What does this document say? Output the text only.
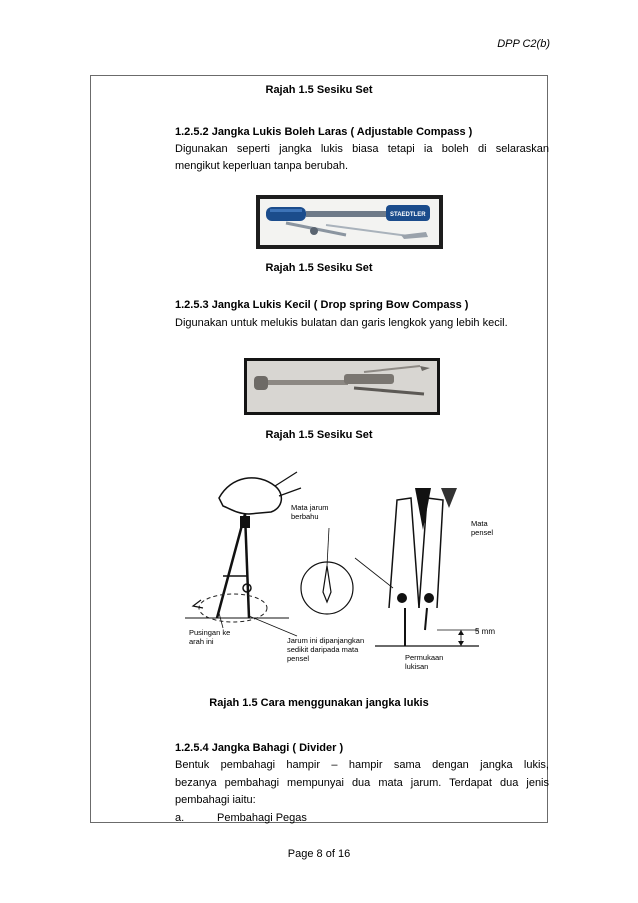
DPP C2(b)
Rajah 1.5 Sesiku Set
1.2.5.2 Jangka Lukis Boleh Laras ( Adjustable Compass )
Digunakan seperti jangka lukis biasa tetapi ia boleh di selaraskan
mengikut keperluan tanpa berubah.
STAEDTLER
Rajah 1.5 Sesiku Set
1.2.5.3 Jangka Lukis Kecil ( Drop spring Bow Compass )
Digunakan untuk melukis bulatan dan garis lengkok yang lebih kecil.
Rajah 1.5 Sesiku Set
Mata jarum
berbahu
Mata
pensel
5 mm
Pusingan ke
arah ini	Jarum ini dipanjangkan
sedikit daripada mata
pensel	Permukaan
lukisan
Rajah 1.5 Cara menggunakan jangka lukis
1.2.5.4 Jangka Bahagi ( Divider )
Bentuk pembahagi hampir – hampir sama dengan jangka lukis,
bezanya pembahagi mempunyai dua mata jarum. Terdapat dua jenis
pembahagi iaitu:
a.	Pembahagi Pegas
Page 8 of 16
